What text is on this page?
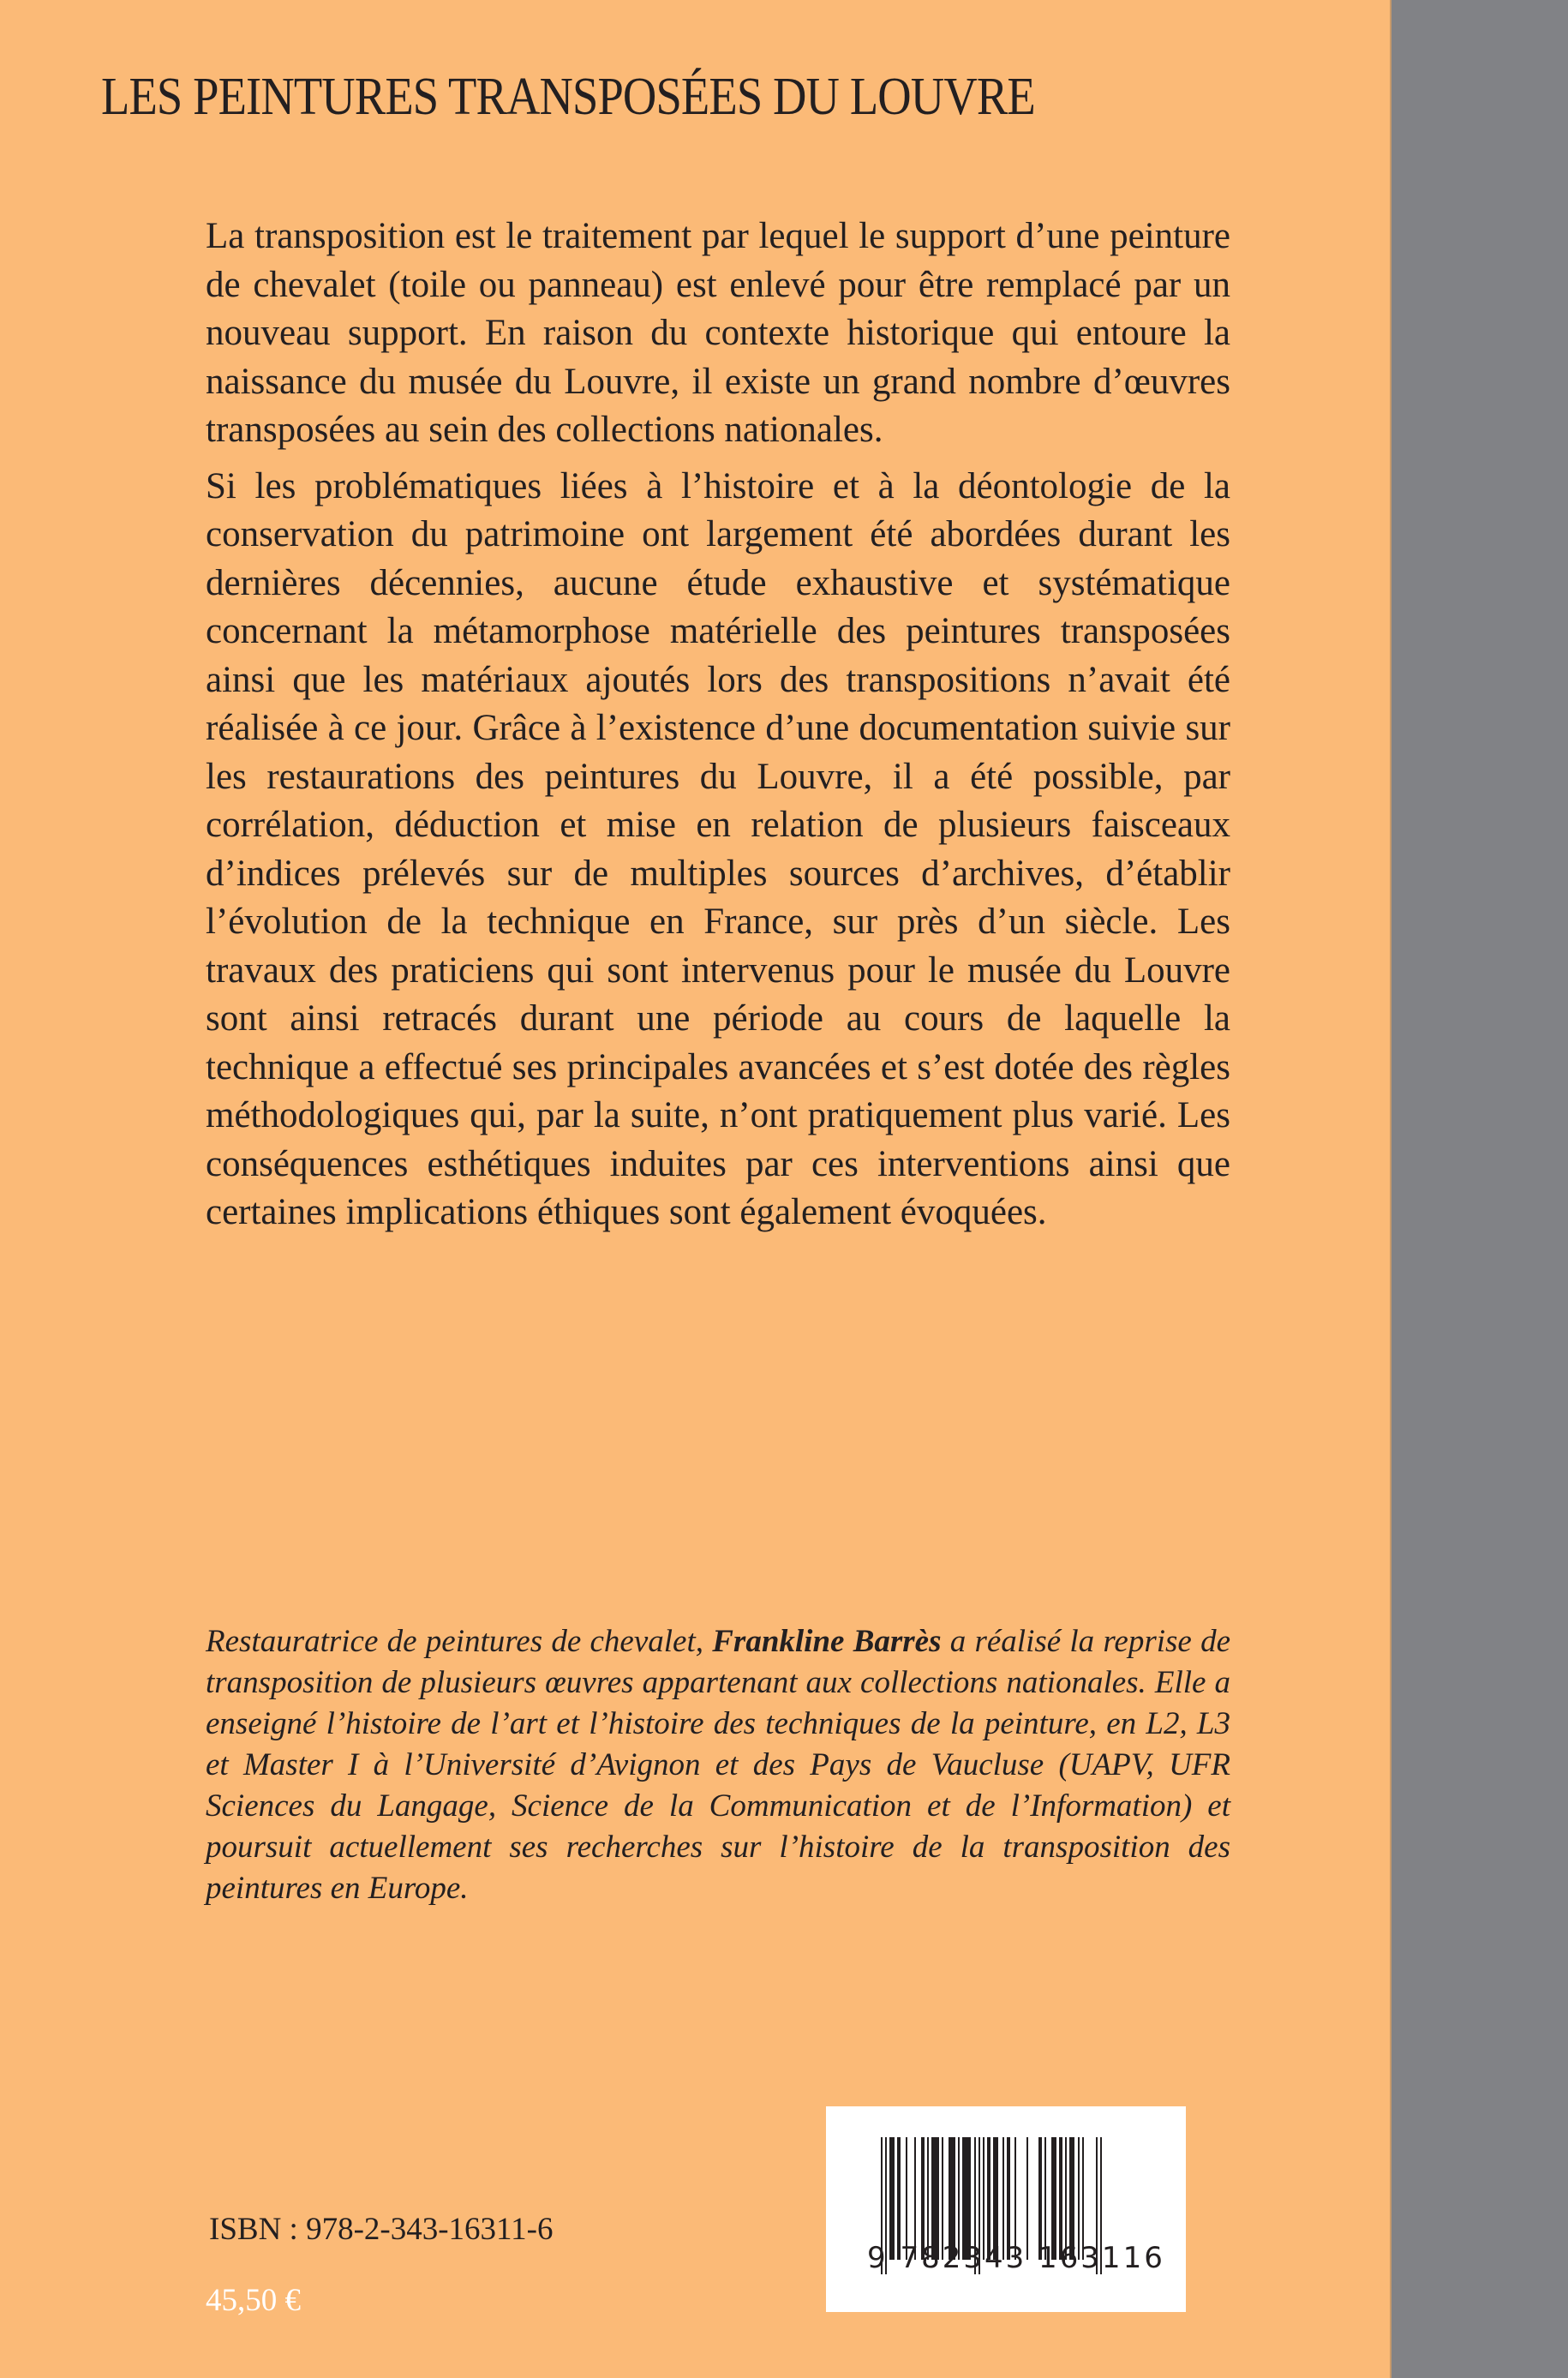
LES PEINTURES TRANSPOSÉES DU LOUVRE

La transposition est le traitement par lequel le support d’une peinture de chevalet (toile ou panneau) est enlevé pour être remplacé par un nouveau support. En raison du contexte historique qui entoure la naissance du musée du Louvre, il existe un grand nombre d’œuvres transposées au sein des collections nationales.

Si les problématiques liées à l’histoire et à la déontologie de la conservation du patrimoine ont largement été abordées durant les dernières décennies, aucune étude exhaustive et systématique concernant la métamorphose matérielle des peintures transposées ainsi que les matériaux ajoutés lors des transpositions n’avait été réalisée à ce jour. Grâce à l’existence d’une documentation suivie sur les restaurations des peintures du Louvre, il a été possible, par corrélation, déduction et mise en relation de plusieurs faisceaux d’indices prélevés sur de multiples sources d’archives, d’établir l’évolution de la technique en France, sur près d’un siècle. Les travaux des praticiens qui sont intervenus pour le musée du Louvre sont ainsi retracés durant une période au cours de laquelle la technique a effectué ses principales avancées et s’est dotée des règles méthodologiques qui, par la suite, n’ont pratiquement plus varié. Les conséquences esthétiques induites par ces interventions ainsi que certaines implications éthiques sont également évoquées.

Restauratrice de peintures de chevalet, Frankline Barrès a réalisé la reprise de transposition de plusieurs œuvres appartenant aux collections nationales. Elle a enseigné l’histoire de l’art et l’histoire des techniques de la peinture, en L2, L3 et Master I à l’Université d’Avignon et des Pays de Vaucluse (UAPV, UFR Sciences du Langage, Science de la Communication et de l’Information) et poursuit actuellement ses recherches sur l’histoire de la transposition des peintures en Europe.

ISBN : 978-2-343-16311-6

45,50 €

9 782343 163116
